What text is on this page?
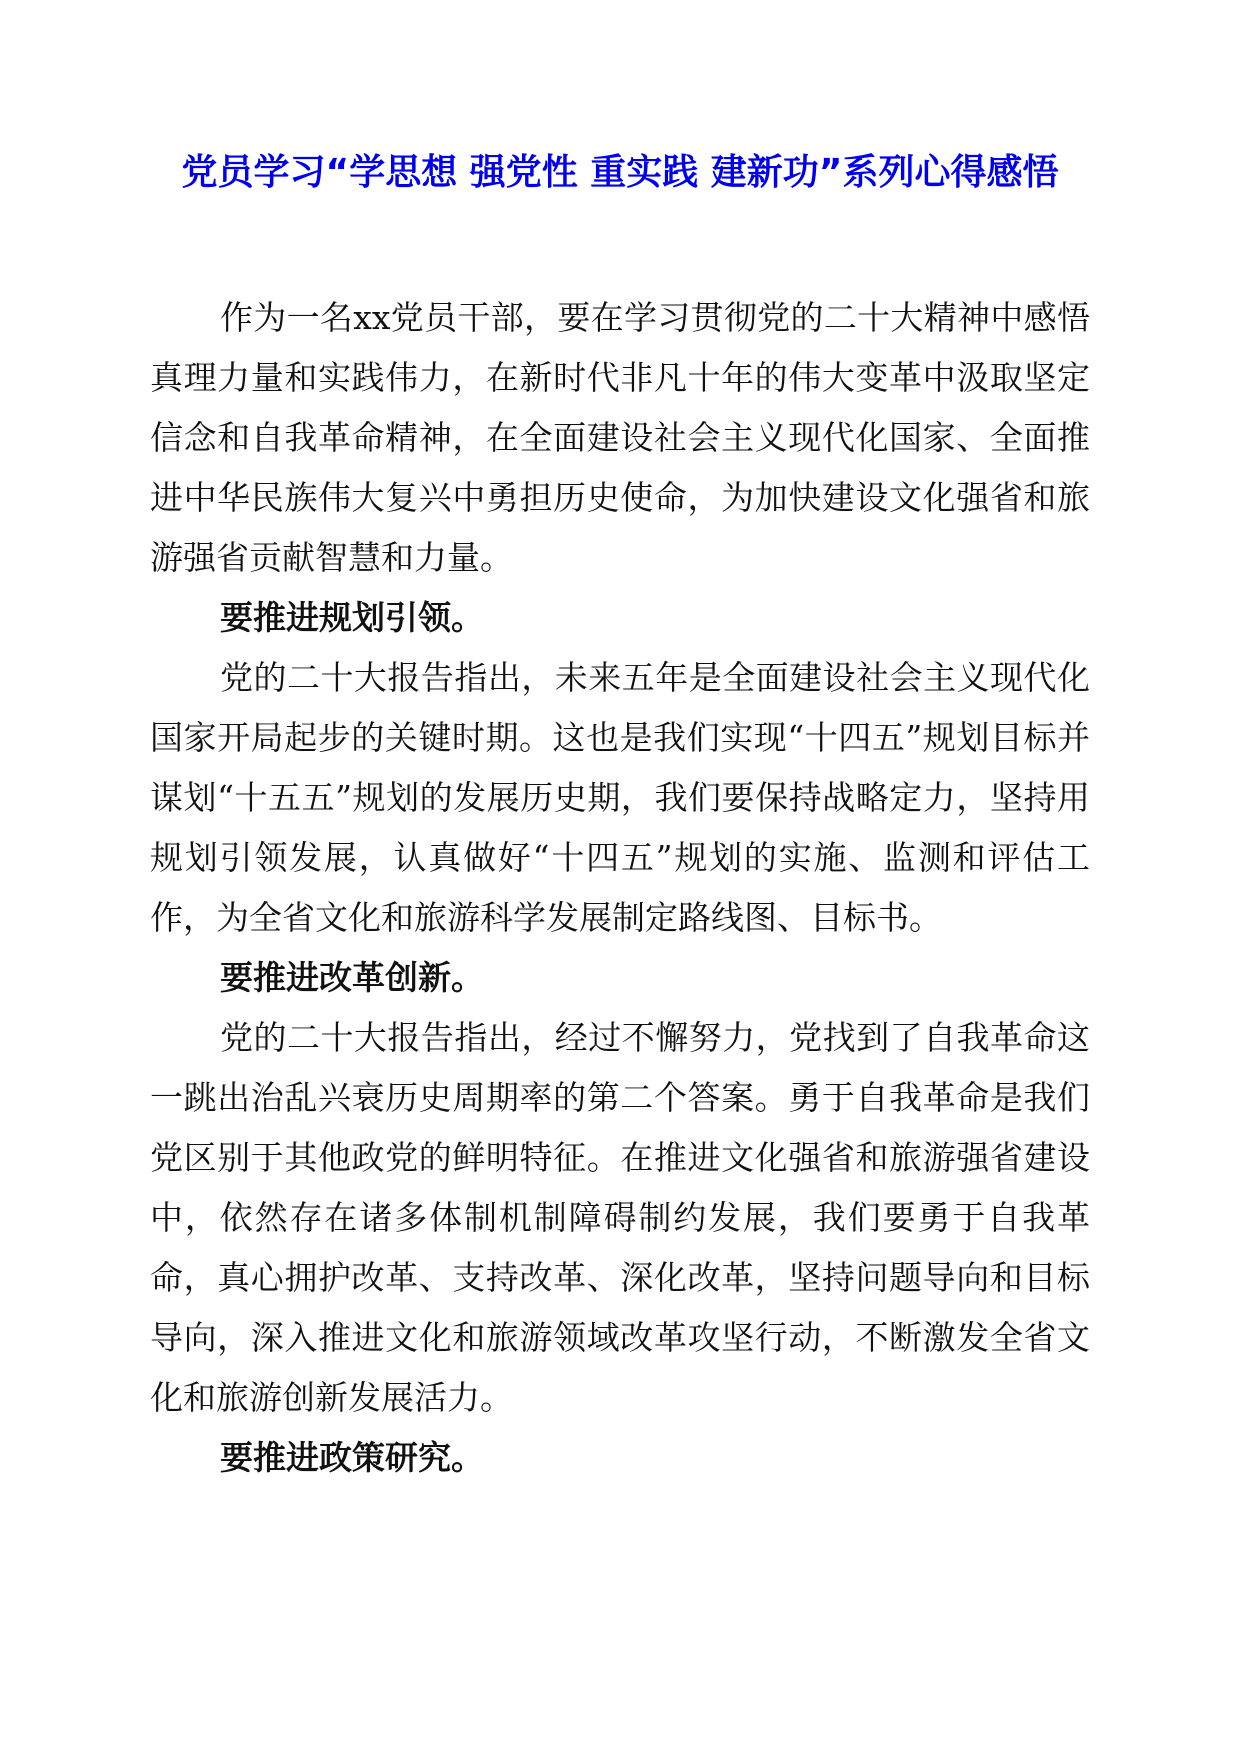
党员学习“学思想 强党性 重实践 建新功”系列心得感悟

作为一名xx党员干部，要在学习贯彻党的二十大精神中感悟真理力量和实践伟力，在新时代非凡十年的伟大变革中汲取坚定信念和自我革命精神，在全面建设社会主义现代化国家、全面推进中华民族伟大复兴中勇担历史使命，为加快建设文化强省和旅游强省贡献智慧和力量。

要推进规划引领。

党的二十大报告指出，未来五年是全面建设社会主义现代化国家开局起步的关键时期。这也是我们实现“十四五”规划目标并谋划“十五五”规划的发展历史期，我们要保持战略定力，坚持用规划引领发展，认真做好“十四五”规划的实施、监测和评估工作，为全省文化和旅游科学发展制定路线图、目标书。

要推进改革创新。

党的二十大报告指出，经过不懈努力，党找到了自我革命这一跳出治乱兴衰历史周期率的第二个答案。勇于自我革命是我们党区别于其他政党的鲜明特征。在推进文化强省和旅游强省建设中，依然存在诸多体制机制障碍制约发展，我们要勇于自我革命，真心拥护改革、支持改革、深化改革，坚持问题导向和目标导向，深入推进文化和旅游领域改革攻坚行动，不断激发全省文化和旅游创新发展活力。

要推进政策研究。
